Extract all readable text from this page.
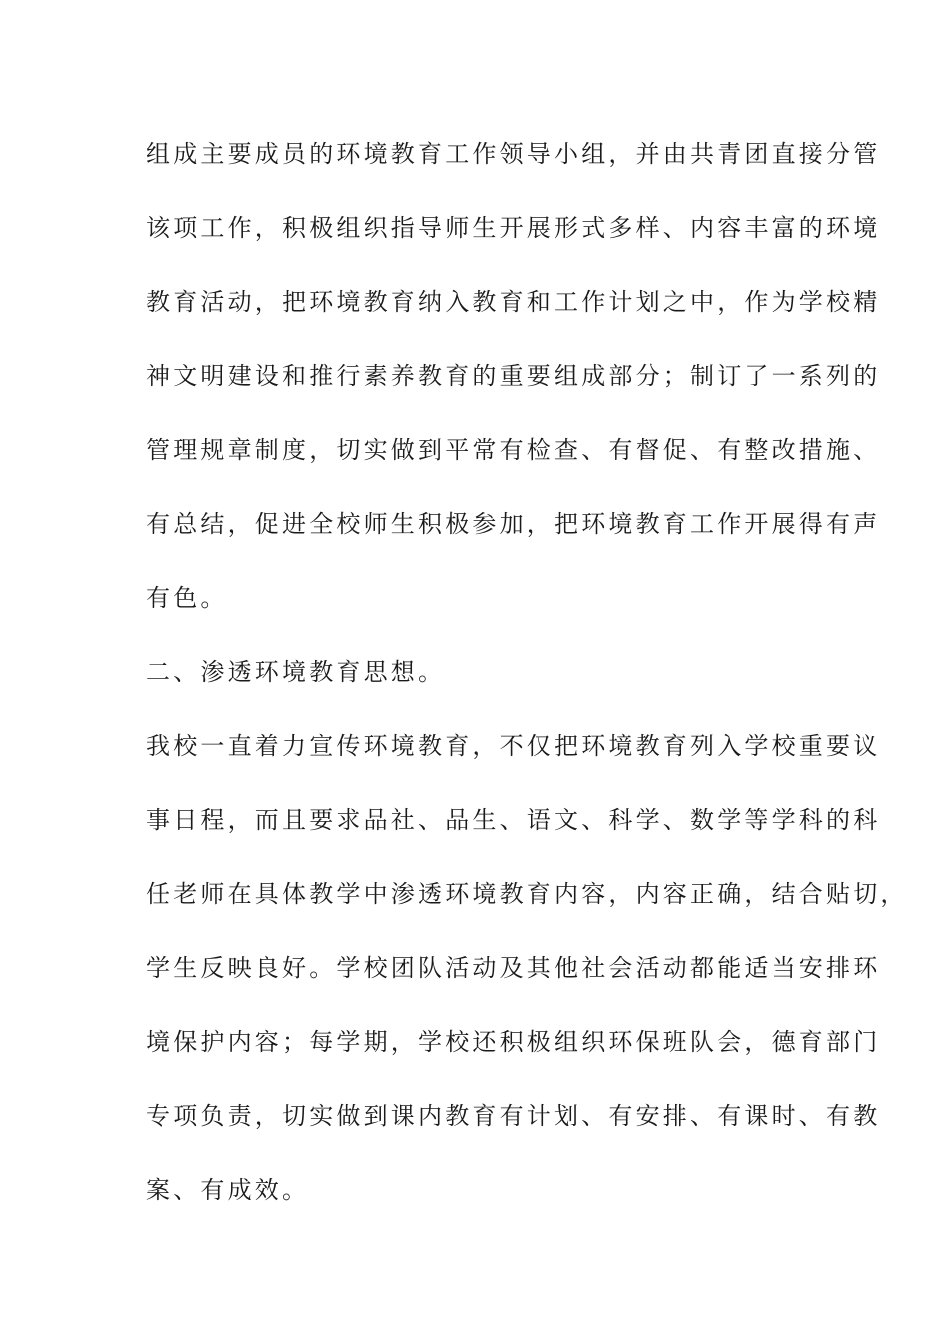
组成主要成员的环境教育工作领导小组，并由共青团直接分管
该项工作，积极组织指导师生开展形式多样、内容丰富的环境
教育活动，把环境教育纳入教育和工作计划之中，作为学校精
神文明建设和推行素养教育的重要组成部分；制订了一系列的
管理规章制度，切实做到平常有检查、有督促、有整改措施、
有总结，促进全校师生积极参加，把环境教育工作开展得有声
有色。
二、渗透环境教育思想。
我校一直着力宣传环境教育，不仅把环境教育列入学校重要议
事日程，而且要求品社、品生、语文、科学、数学等学科的科
任老师在具体教学中渗透环境教育内容，内容正确，结合贴切，
学生反映良好。学校团队活动及其他社会活动都能适当安排环
境保护内容；每学期，学校还积极组织环保班队会，德育部门
专项负责，切实做到课内教育有计划、有安排、有课时、有教
案、有成效。
